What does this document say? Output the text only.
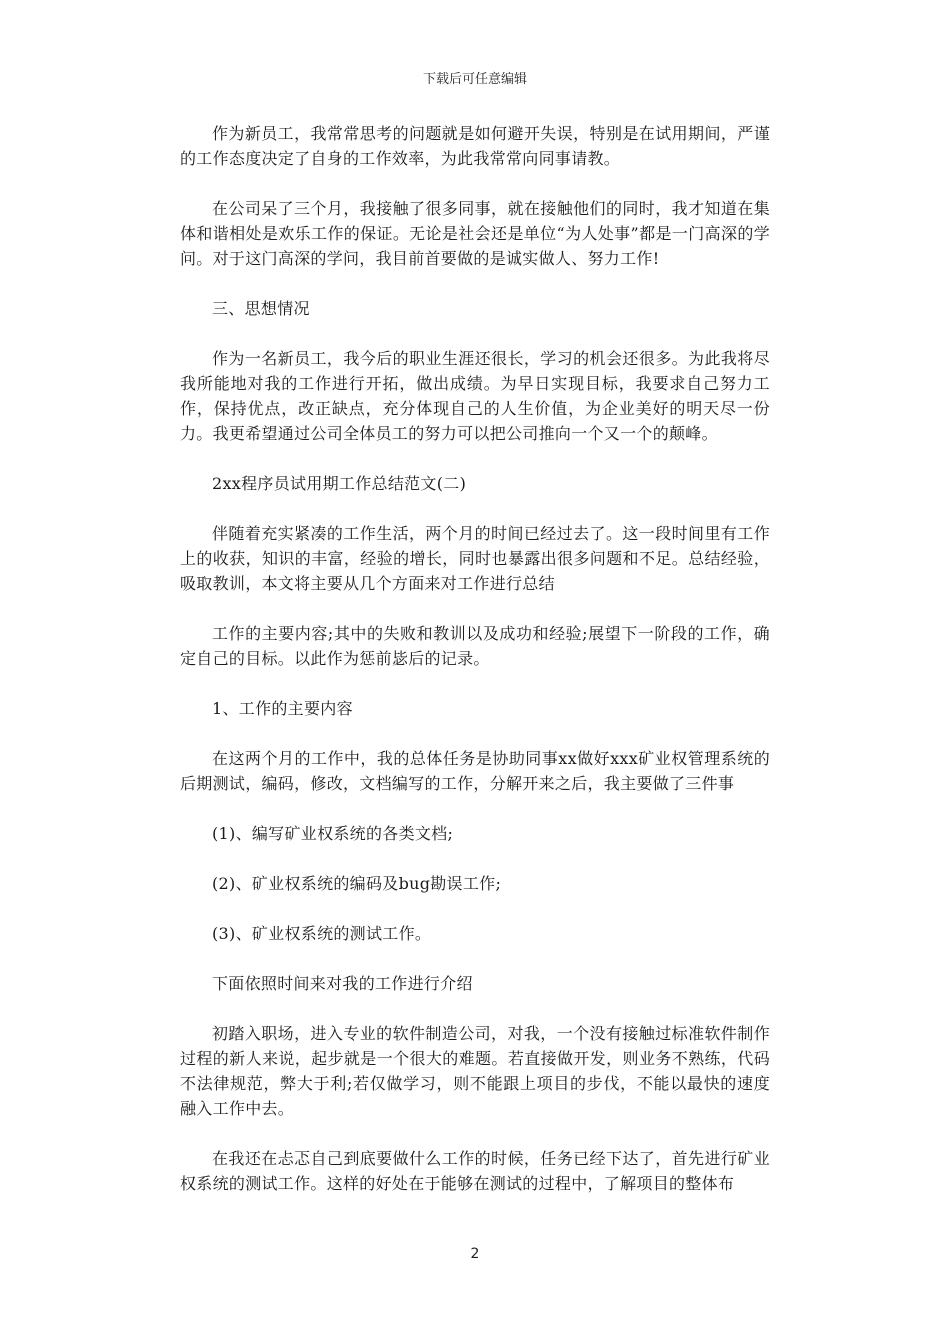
下载后可任意编辑

作为新员工，我常常思考的问题就是如何避开失误，特别是在试用期间，严谨的工作态度决定了自身的工作效率，为此我常常向同事请教。

在公司呆了三个月，我接触了很多同事，就在接触他们的同时，我才知道在集体和谐相处是欢乐工作的保证。无论是社会还是单位“为人处事”都是一门高深的学问。对于这门高深的学问，我目前首要做的是诚实做人、努力工作!

三、思想情况

作为一名新员工，我今后的职业生涯还很长，学习的机会还很多。为此我将尽我所能地对我的工作进行开拓，做出成绩。为早日实现目标，我要求自己努力工作，保持优点，改正缺点，充分体现自己的人生价值，为企业美好的明天尽一份力。我更希望通过公司全体员工的努力可以把公司推向一个又一个的颠峰。

2xx程序员试用期工作总结范文(二)

伴随着充实紧凑的工作生活，两个月的时间已经过去了。这一段时间里有工作上的收获，知识的丰富，经验的增长，同时也暴露出很多问题和不足。总结经验，吸取教训，本文将主要从几个方面来对工作进行总结

工作的主要内容;其中的失败和教训以及成功和经验;展望下一阶段的工作，确定自己的目标。以此作为惩前毖后的记录。

1、工作的主要内容

在这两个月的工作中，我的总体任务是协助同事xx做好xxx矿业权管理系统的后期测试，编码，修改，文档编写的工作，分解开来之后，我主要做了三件事

(1)、编写矿业权系统的各类文档;

(2)、矿业权系统的编码及bug勘误工作;

(3)、矿业权系统的测试工作。

下面依照时间来对我的工作进行介绍

初踏入职场，进入专业的软件制造公司，对我，一个没有接触过标准软件制作过程的新人来说，起步就是一个很大的难题。若直接做开发，则业务不熟练，代码不法律规范，弊大于利;若仅做学习，则不能跟上项目的步伐，不能以最快的速度融入工作中去。

在我还在忐忑自己到底要做什么工作的时候，任务已经下达了，首先进行矿业权系统的测试工作。这样的好处在于能够在测试的过程中，了解项目的整体布

2
